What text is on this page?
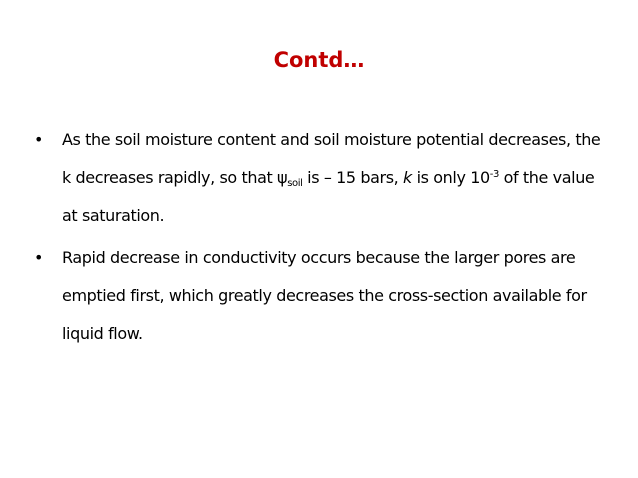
Contd…
• As the soil moisture content and soil moisture potential decreases, the k decreases rapidly, so that $\psi_{soil}$ is – 15 bars, k is only $10^{-3}$ of the value at saturation.
• Rapid decrease in conductivity occurs because the larger pores are emptied first, which greatly decreases the cross-section available for liquid flow.
